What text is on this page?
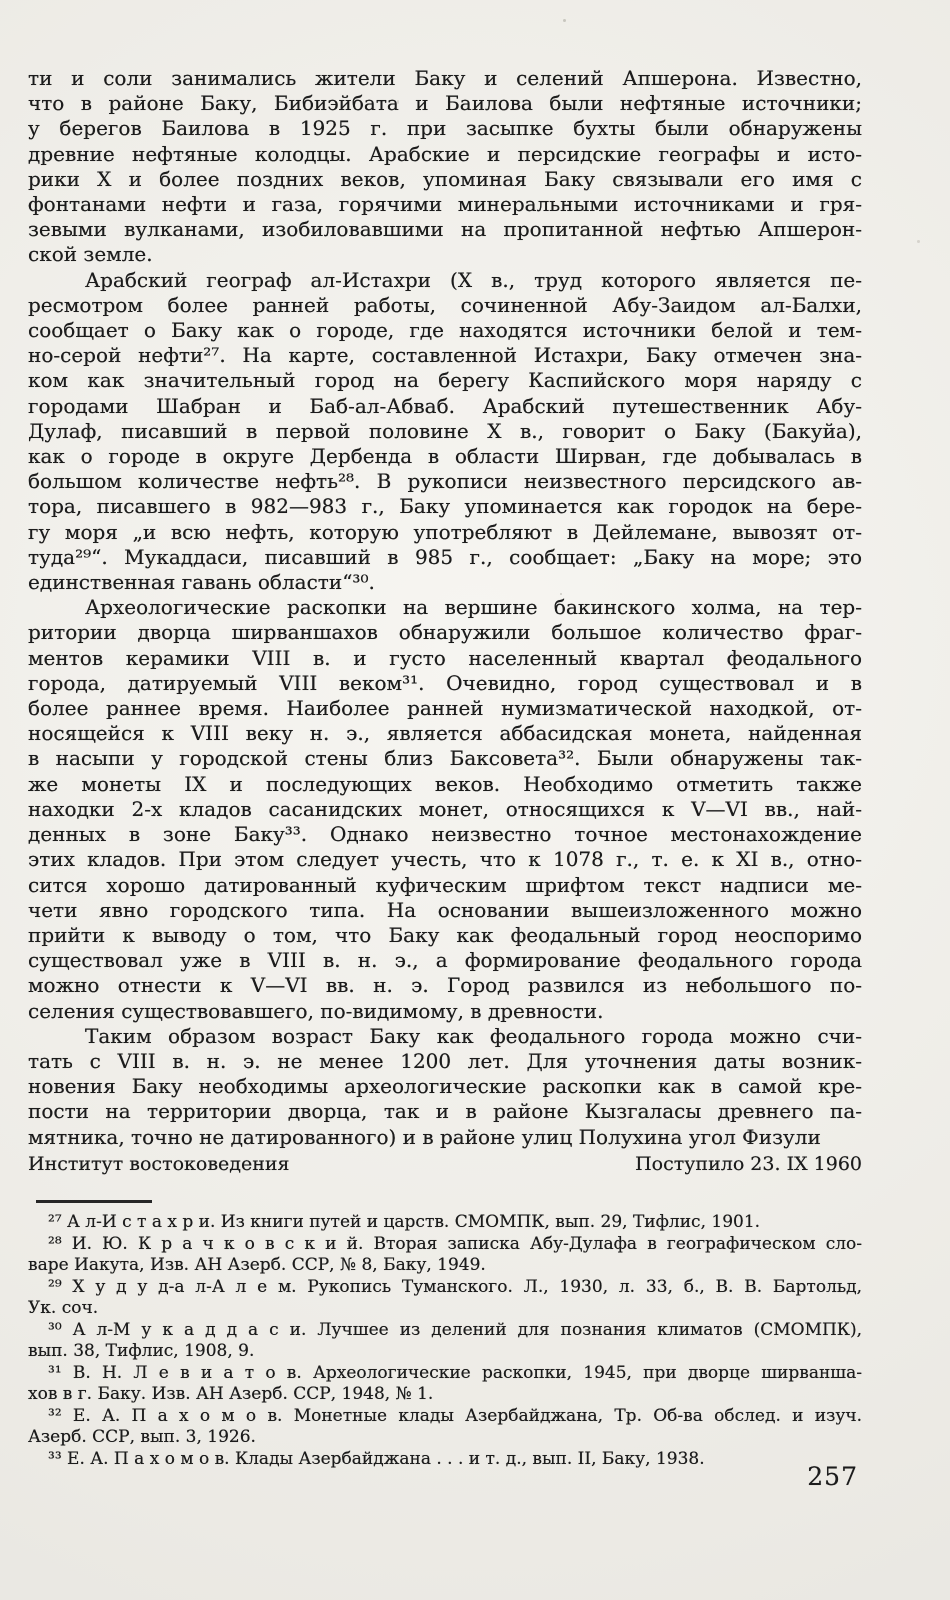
ти и соли занимались жители Баку и селений Апшерона. Известно,
что в районе Баку, Бибиэйбата и Баилова были нефтяные источники;
у берегов Баилова в 1925 г. при засыпке бухты были обнаружены
древние нефтяные колодцы. Арабские и персидские географы и исто-
рики X и более поздних веков, упоминая Баку связывали его имя с
фонтанами нефти и газа, горячими минеральными источниками и гря-
зевыми вулканами, изобиловавшими на пропитанной нефтью Апшерон-
ской земле.
Арабский географ ал-Истахри (X в., труд которого является пе-
ресмотром более ранней работы, сочиненной Абу-Заидом ал-Балхи,
сообщает о Баку как о городе, где находятся источники белой и тем-
но-серой нефти²⁷. На карте, составленной Истахри, Баку отмечен зна-
ком как значительный город на берегу Каспийского моря наряду с
городами Шабран и Баб-ал-Абваб. Арабский путешественник Абу-
Дулаф, писавший в первой половине X в., говорит о Баку (Бакуйа),
как о городе в округе Дербенда в области Ширван, где добывалась в
большом количестве нефть²⁸. В рукописи неизвестного персидского ав-
тора, писавшего в 982—983 г., Баку упоминается как городок на бере-
гу моря „и всю нефть, которую употребляют в Дейлемане, вывозят от-
туда²⁹“. Мукаддаси, писавший в 985 г., сообщает: „Баку на море; это
единственная гавань области“³⁰.
Археологические раскопки на вершине бакинского холма, на тер-
ритории дворца ширваншахов обнаружили большое количество фраг-
ментов керамики VIII в. и густо населенный квартал феодального
города, датируемый VIII веком³¹. Очевидно, город существовал и в
более раннее время. Наиболее ранней нумизматической находкой, от-
носящейся к VIII веку н. э., является аббасидская монета, найденная
в насыпи у городской стены близ Баксовета³². Были обнаружены так-
же монеты IX и последующих веков. Необходимо отметить также
находки 2-х кладов сасанидских монет, относящихся к V—VI вв., най-
денных в зоне Баку³³. Однако неизвестно точное местонахождение
этих кладов. При этом следует учесть, что к 1078 г., т. е. к XI в., отно-
сится хорошо датированный куфическим шрифтом текст надписи ме-
чети явно городского типа. На основании вышеизложенного можно
прийти к выводу о том, что Баку как феодальный город неоспоримо
существовал уже в VIII в. н. э., а формирование феодального города
можно отнести к V—VI вв. н. э. Город развился из небольшого по-
селения существовавшего, по-видимому, в древности.
Таким образом возраст Баку как феодального города можно счи-
тать с VIII в. н. э. не менее 1200 лет. Для уточнения даты возник-
новения Баку необходимы археологические раскопки как в самой кре-
пости на территории дворца, так и в районе Кызгаласы древнего па-
мятника, точно не датированного) и в районе улиц Полухина угол Физули
Институт востоковедения	Поступило 23. IX 1960
²⁷ А л-И с т а х р и. Из книги путей и царств. СМОМПК, вып. 29, Тифлис, 1901.
²⁸ И. Ю. К р а ч к о в с к и й. Вторая записка Абу-Дулафа в географическом сло-
варе Иакута, Изв. АН Азерб. ССР, № 8, Баку, 1949.
²⁹ Х у д у д-а л-А л е м. Рукопись Туманского. Л., 1930, л. 33, б., В. В. Бартольд,
Ук. соч.
³⁰ А л-М у к а д д а с и. Лучшее из делений для познания климатов (СМОМПК),
вып. 38, Тифлис, 1908, 9.
³¹ В. Н. Л е в и а т о в. Археологические раскопки, 1945, при дворце ширванша-
хов в г. Баку. Изв. АН Азерб. ССР, 1948, № 1.
³² Е. А. П а х о м о в. Монетные клады Азербайджана, Тр. Об-ва обслед. и изуч.
Азерб. ССР, вып. 3, 1926.
³³ Е. А. П а х о м о в. Клады Азербайджана . . . и т. д., вып. II, Баку, 1938.
257
